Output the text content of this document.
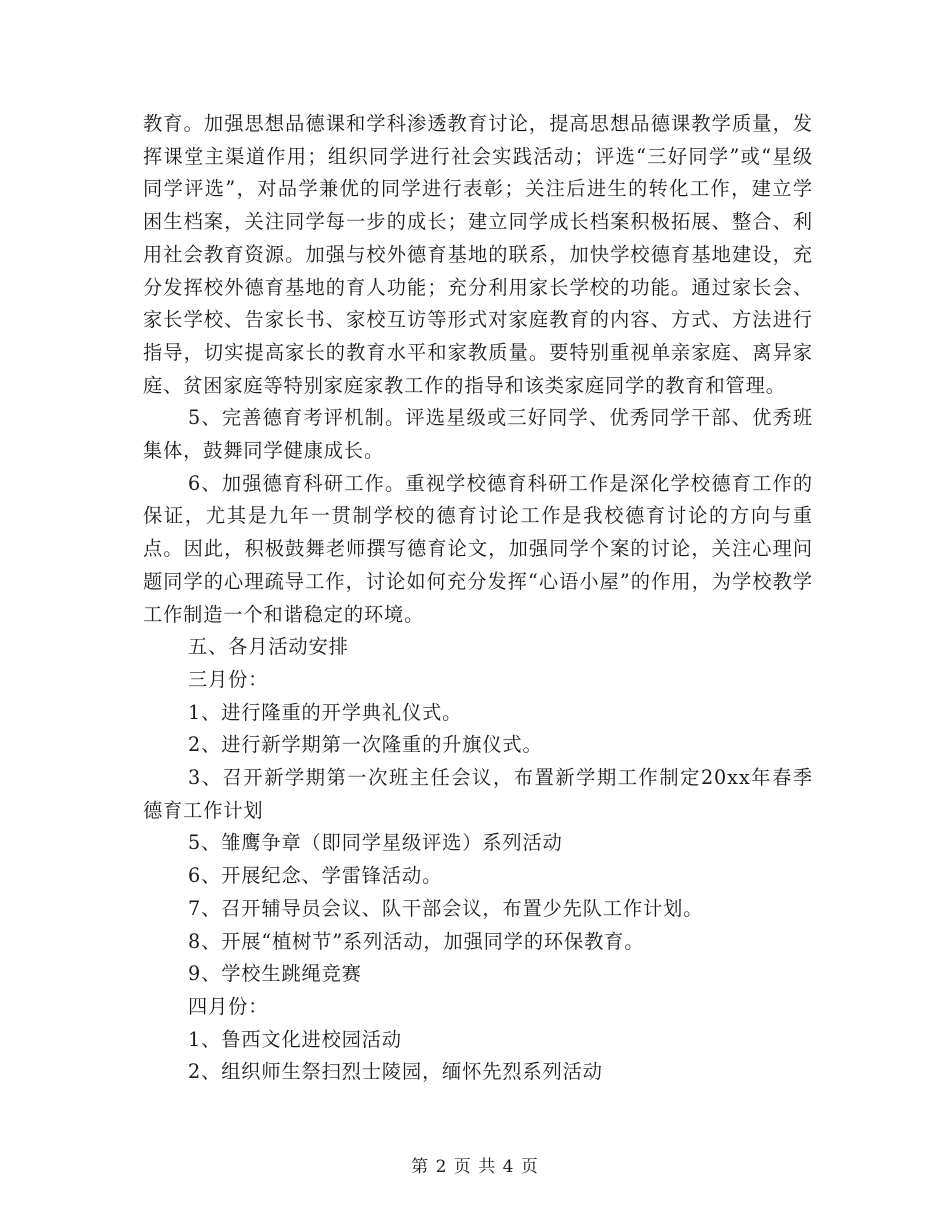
教育。加强思想品德课和学科渗透教育讨论，提高思想品德课教学质量，发挥课堂主渠道作用；组织同学进行社会实践活动；评选“三好同学”或“星级同学评选”，对品学兼优的同学进行表彰；关注后进生的转化工作，建立学困生档案，关注同学每一步的成长；建立同学成长档案积极拓展、整合、利用社会教育资源。加强与校外德育基地的联系，加快学校德育基地建设，充分发挥校外德育基地的育人功能；充分利用家长学校的功能。通过家长会、家长学校、告家长书、家校互访等形式对家庭教育的内容、方式、方法进行指导，切实提高家长的教育水平和家教质量。要特别重视单亲家庭、离异家庭、贫困家庭等特别家庭家教工作的指导和该类家庭同学的教育和管理。

5、完善德育考评机制。评选星级或三好同学、优秀同学干部、优秀班集体，鼓舞同学健康成长。

6、加强德育科研工作。重视学校德育科研工作是深化学校德育工作的保证，尤其是九年一贯制学校的德育讨论工作是我校德育讨论的方向与重点。因此，积极鼓舞老师撰写德育论文，加强同学个案的讨论，关注心理问题同学的心理疏导工作，讨论如何充分发挥“心语小屋”的作用，为学校教学工作制造一个和谐稳定的环境。

五、各月活动安排

三月份：

1、进行隆重的开学典礼仪式。

2、进行新学期第一次隆重的升旗仪式。

3、召开新学期第一次班主任会议，布置新学期工作制定20xx年春季德育工作计划

5、雏鹰争章（即同学星级评选）系列活动

6、开展纪念、学雷锋活动。

7、召开辅导员会议、队干部会议，布置少先队工作计划。

8、开展“植树节”系列活动，加强同学的环保教育。

9、学校生跳绳竞赛

四月份：

1、鲁西文化进校园活动

2、组织师生祭扫烈士陵园，缅怀先烈系列活动

第 2 页 共 4 页
